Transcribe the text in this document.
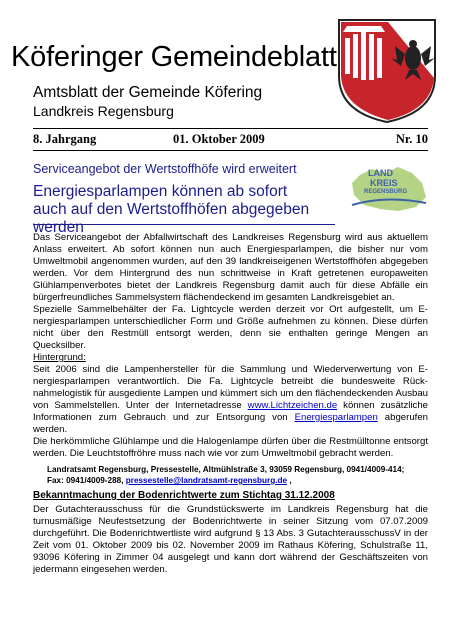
Köferinger Gemeindeblatt
Amtsblatt der Gemeinde Köfering
Landkreis Regensburg
8. Jahrgang	01. Oktober 2009	Nr. 10
Serviceangebot der Wertstoffhöfe wird erweitert
Energiesparlampen können ab sofort auch auf den Wertstoffhöfen abgegeben werden
LAND
KREIS
REGENSBURG

Das Serviceangebot der Abfallwirtschaft des Landkreises Regensburg wird aus aktuellem Anlass erweitert. Ab sofort können nun auch Energiesparlampen, die bisher nur vom Umweltmobil angenommen wurden, auf den 39 landkreiseigenen Wertstoffhöfen abgegeben werden. Vor dem Hintergrund des nun schrittweise in Kraft getretenen europaweiten Glühlampenverbotes bietet der Landkreis Regensburg damit auch für diese Abfälle ein bürgerfreundliches Sammelsystem flächendeckend im gesamten Landkreisgebiet an.

Spezielle Sammelbehälter der Fa. Lightcycle werden derzeit vor Ort aufgestellt, um Energiesparlampen unterschiedlicher Form und Größe aufnehmen zu können. Diese dürfen nicht über den Restmüll entsorgt werden, denn sie enthalten geringe Mengen an Quecksilber.

Hintergrund:

Seit 2006 sind die Lampenhersteller für die Sammlung und Wiederverwertung von Energiesparlampen verantwortlich. Die Fa. Lightcycle betreibt die bundesweite Rücknahmelogistik für ausgediente Lampen und kümmert sich um den flächendeckenden Ausbau von Sammelstellen. Unter der Internetadresse www.Lichtzeichen.de können zusätzliche Informationen zum Gebrauch und zur Entsorgung von Energiesparlampen abgerufen werden.

Die herkömmliche Glühlampe und die Halogenlampe dürfen über die Restmülltonne entsorgt werden. Die Leuchtstoffröhre muss nach wie vor zum Umweltmobil gebracht werden.

Landratsamt Regensburg, Pressestelle, Altmühlstraße 3, 93059 Regensburg, 0941/4009-414;
Fax: 0941/4009-288, pressestelle@landratsamt-regensburg.de ,

Bekanntmachung der Bodenrichtwerte zum Stichtag 31.12.2008

Der Gutachterausschuss für die Grundstückswerte im Landkreis Regensburg hat die turnusmäßige Neufestsetzung der Bodenrichtwerte in seiner Sitzung vom 07.07.2009 durchgeführt. Die Bodenrichtwertliste wird aufgrund § 13 Abs. 3 GutachterausschussV in der Zeit vom 01. Oktober 2009 bis 02. November 2009 im Rathaus Köfering, Schulstraße 11, 93096 Köfering in Zimmer 04 ausgelegt und kann dort während der Geschäftszeiten von jedermann eingesehen werden.
